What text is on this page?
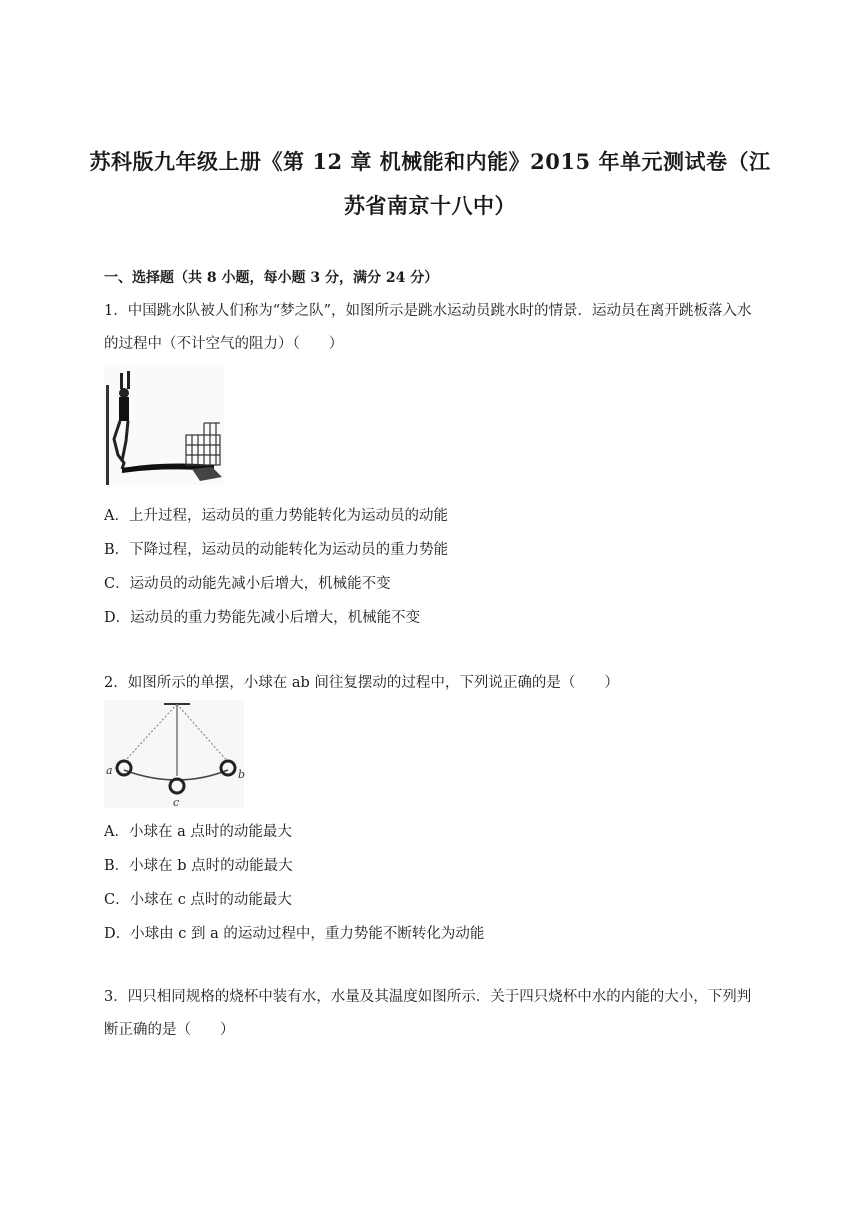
苏科版九年级上册《第 12 章 机械能和内能》2015 年单元测试卷（江
苏省南京十八中）
一、选择题（共 8 小题，每小题 3 分，满分 24 分）
1．中国跳水队被人们称为“梦之队”，如图所示是跳水运动员跳水时的情景．运动员在离开跳板落入水的过程中（不计空气的阻力）（　　）
A．上升过程，运动员的重力势能转化为运动员的动能
B．下降过程，运动员的动能转化为运动员的重力势能
C．运动员的动能先减小后增大，机械能不变
D．运动员的重力势能先减小后增大，机械能不变
2．如图所示的单摆，小球在 ab 间往复摆动的过程中，下列说正确的是（　　）
a	b
c
A．小球在 a 点时的动能最大
B．小球在 b 点时的动能最大
C．小球在 c 点时的动能最大
D．小球由 c 到 a 的运动过程中，重力势能不断转化为动能
3．四只相同规格的烧杯中装有水，水量及其温度如图所示．关于四只烧杯中水的内能的大小，下列判断正确的是（　　）
